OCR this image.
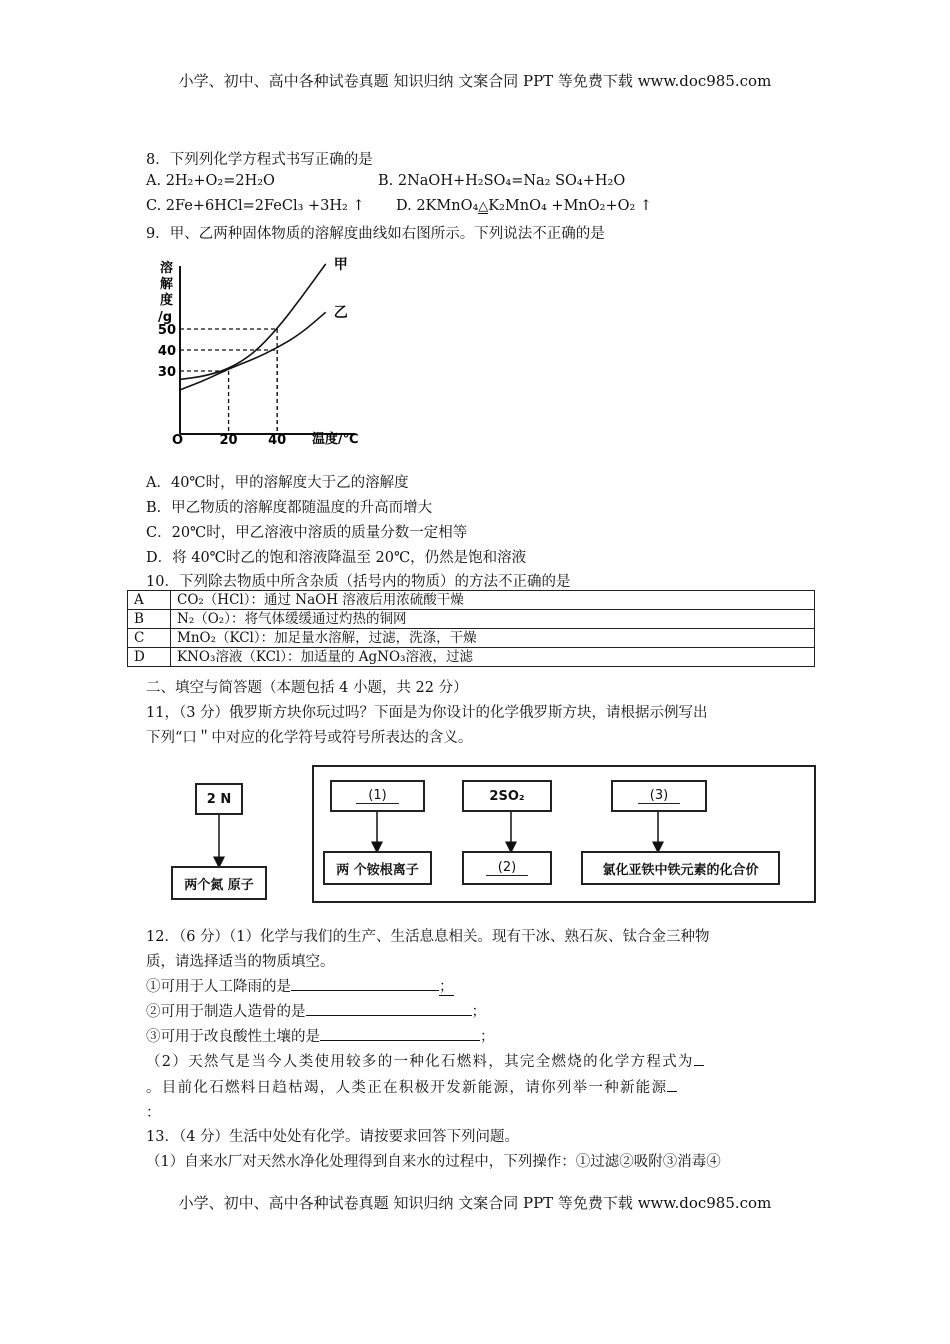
小学、初中、高中各种试卷真题 知识归纳 文案合同 PPT 等免费下载 www.doc985.com
8．下列列化学方程式书写正确的是
A. 2H₂+O₂=2H₂O	B. 2NaOH+H₂SO₄=Na₂ SO₄+H₂O
C. 2Fe+6HCl=2FeCl₃ +3H₂ ↑ D. 2KMnO₄△K₂MnO₄ +MnO₂+O₂ ↑
9．甲、乙两种固体物质的溶解度曲线如右图所示。下列说法不正确的是
20 40
30
40
50
甲
乙
溶
解
度
/g
温度/℃
O
A．40℃时，甲的溶解度大于乙的溶解度
B．甲乙物质的溶解度都随温度的升高而增大
C．20℃时，甲乙溶液中溶质的质量分数一定相等
D．将 40℃时乙的饱和溶液降温至 20℃，仍然是饱和溶液
10．下列除去物质中所含杂质（括号内的物质）的方法不正确的是
A	CO₂（HCl）：通过 NaOH 溶液后用浓硫酸干燥
B	N₂（O₂）：将气体缓缓通过灼热的铜网
C	MnO₂（KCl）：加足量水溶解，过滤，洗涤，干燥
D	KNO₃溶液（KCl）：加适量的 AgNO₃溶液，过滤
二、填空与简答题（本题包括 4 小题，共 22 分）
11，（3 分）俄罗斯方块你玩过吗？下面是为你设计的化学俄罗斯方块，请根据示例写出
下列“口＂中对应的化学符号或符号所表达的含义。
2 N
两个氮 原子
(1)
两 个铵根离子
2SO₂
(2)
(3)
氯化亚铁中铁元素的化合价
12．（6 分）（1）化学与我们的生产、生活息息相关。现有干冰、熟石灰、钛合金三种物
质，请选择适当的物质填空。
①可用于人工降雨的是	；
②可用于制造人造骨的是	；
③可用于改良酸性土壤的是	；
（2）天然气是当今人类使用较多的一种化石燃料，其完全燃烧的化学方程式为
。目前化石燃料日趋枯竭，人类正在积极开发新能源，请你列举一种新能源
：
13．（4 分）生活中处处有化学。请按要求回答下列问题。
（1）自来水厂对天然水净化处理得到自来水的过程中，下列操作：①过滤②吸附③消毒④
小学、初中、高中各种试卷真题 知识归纳 文案合同 PPT 等免费下载 www.doc985.com
